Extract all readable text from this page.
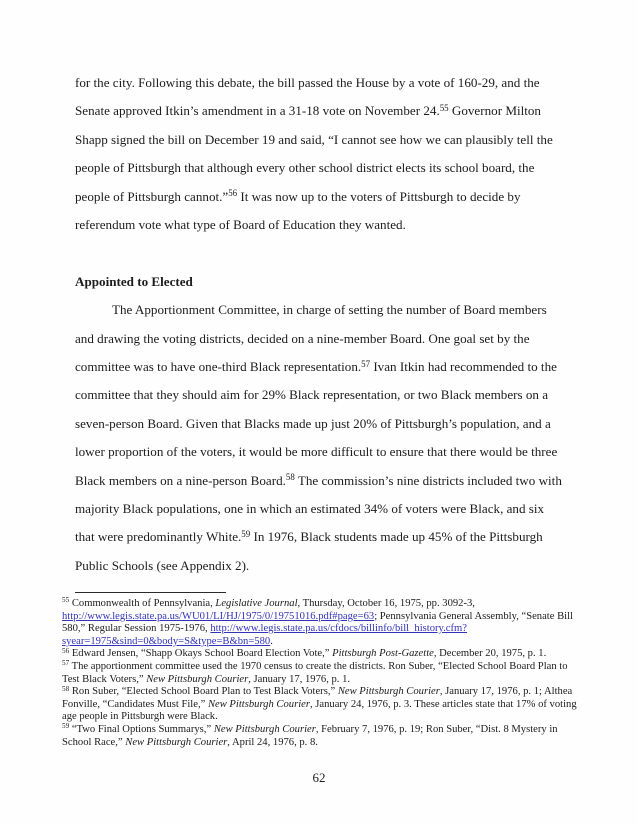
for the city. Following this debate, the bill passed the House by a vote of 160-29, and the Senate approved Itkin’s amendment in a 31-18 vote on November 24.55 Governor Milton Shapp signed the bill on December 19 and said, “I cannot see how we can plausibly tell the people of Pittsburgh that although every other school district elects its school board, the people of Pittsburgh cannot.”$^{56}$ It was now up to the voters of Pittsburgh to decide by referendum vote what type of Board of Education they wanted.

Appointed to Elected

The Apportionment Committee, in charge of setting the number of Board members and drawing the voting districts, decided on a nine-member Board. One goal set by the committee was to have one-third Black representation.$^{57}$ Ivan Itkin had recommended to the committee that they should aim for 29% Black representation, or two Black members on a seven-person Board. Given that Blacks made up just 20% of Pittsburgh’s population, and a lower proportion of the voters, it would be more difficult to ensure that there would be three Black members on a nine-person Board.$^{58}$ The commission’s nine districts included two with majority Black populations, one in which an estimated 34% of voters were Black, and six that were predominantly White.$^{59}$ In 1976, Black students made up 45% of the Pittsburgh Public Schools (see Appendix 2).

$^{55}$ Commonwealth of Pennsylvania, Legislative Journal, Thursday, October 16, 1975, pp. 3092-3, http://www.legis.state.pa.us/WU01/LI/HJ/1975/0/19751016.pdf#page=63; Pennsylvania General Assembly, “Senate Bill 580,” Regular Session 1975-1976, http://www.legis.state.pa.us/cfdocs/billinfo/bill_history.cfm?syear=1975&sind=0&body=S&type=B&bn=580.
$^{56}$ Edward Jensen, “Shapp Okays School Board Election Vote,” Pittsburgh Post-Gazette, December 20, 1975, p. 1.
$^{57}$ The apportionment committee used the 1970 census to create the districts. Ron Suber, “Elected School Board Plan to Test Black Voters,” New Pittsburgh Courier, January 17, 1976, p. 1.
$^{58}$ Ron Suber, “Elected School Board Plan to Test Black Voters,” New Pittsburgh Courier, January 17, 1976, p. 1; Althea Fonville, “Candidates Must File,” New Pittsburgh Courier, January 24, 1976, p. 3. These articles state that 17% of voting age people in Pittsburgh were Black.
$^{59}$ “Two Final Options Summarys,” New Pittsburgh Courier, February 7, 1976, p. 19; Ron Suber, “Dist. 8 Mystery in School Race,” New Pittsburgh Courier, April 24, 1976, p. 8.
62
